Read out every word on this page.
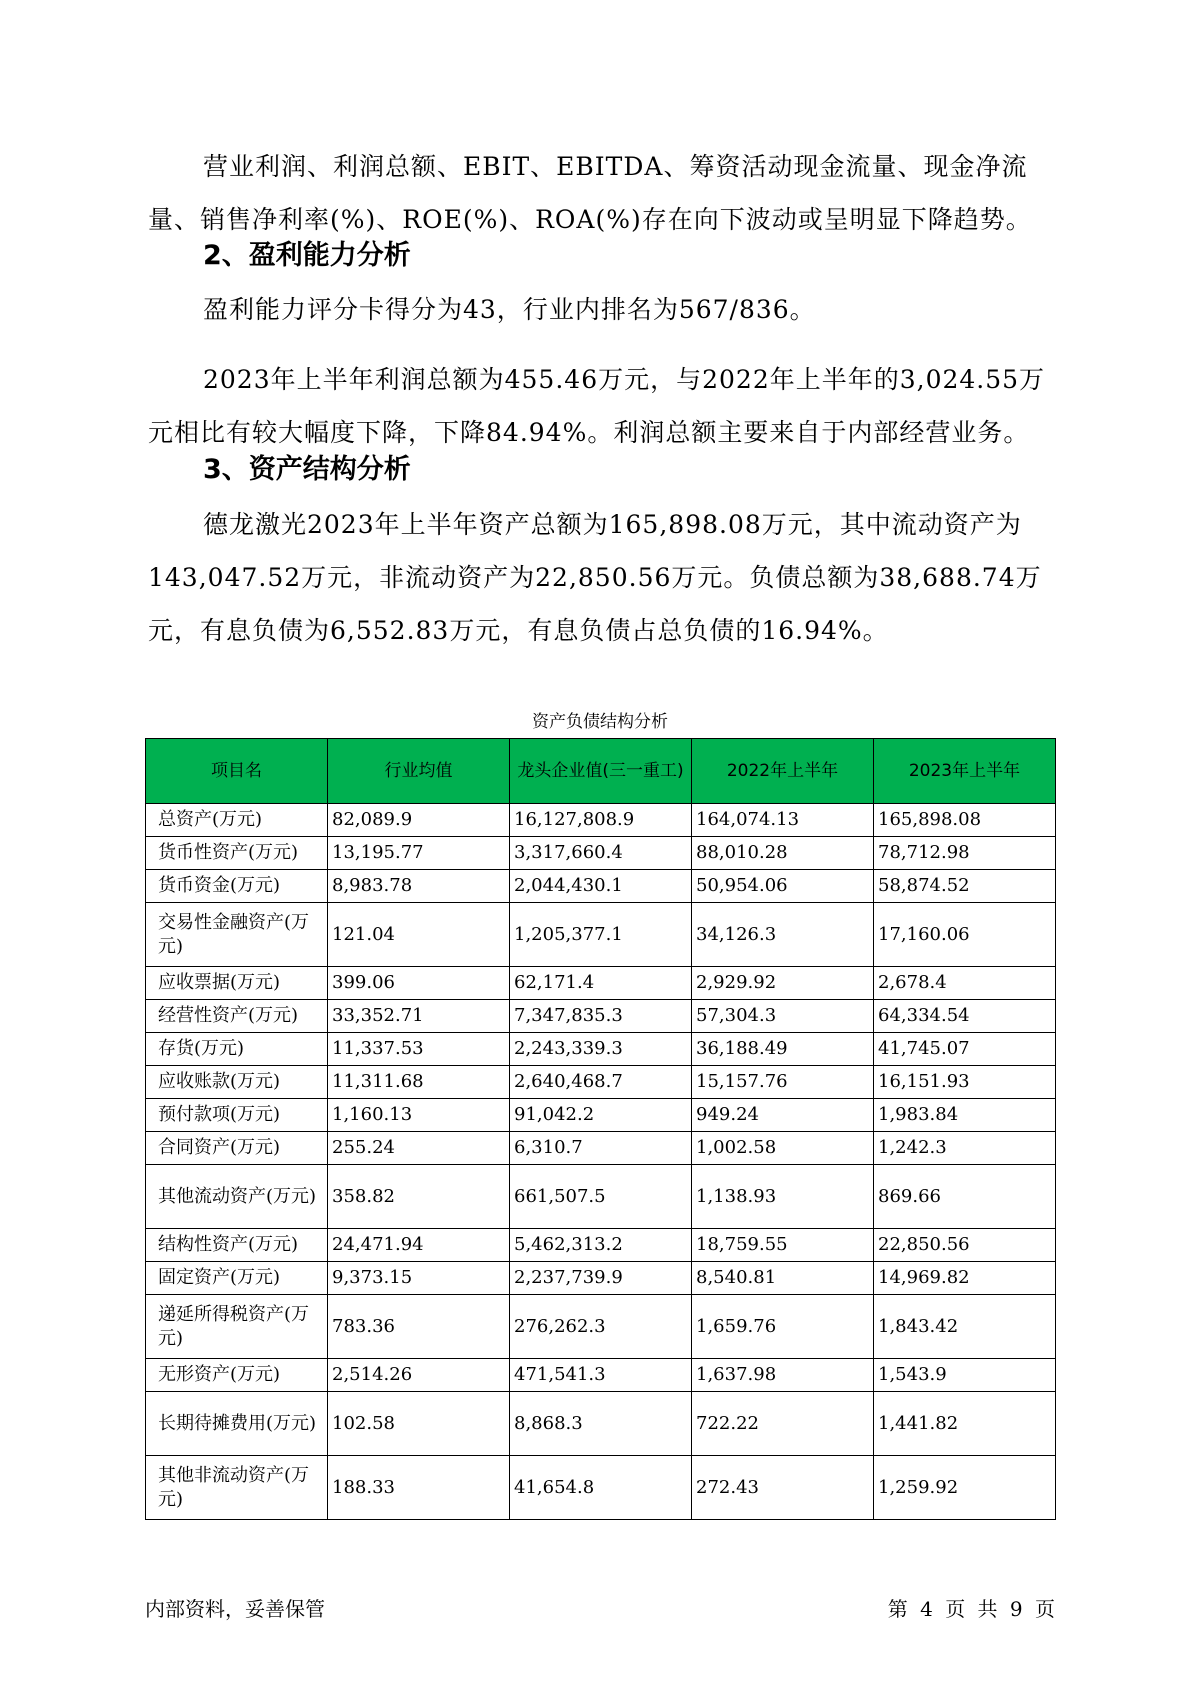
营业利润、利润总额、EBIT、EBITDA、筹资活动现金流量、现金净流量、销售净利率(%)、ROE(%)、ROA(%)存在向下波动或呈明显下降趋势。

2、盈利能力分析

盈利能力评分卡得分为43，行业内排名为567/836。

2023年上半年利润总额为455.46万元，与2022年上半年的3,024.55万元相比有较大幅度下降，下降84.94%。利润总额主要来自于内部经营业务。

3、资产结构分析

德龙激光2023年上半年资产总额为165,898.08万元，其中流动资产为143,047.52万元，非流动资产为22,850.56万元。负债总额为38,688.74万元，有息负债为6,552.83万元，有息负债占总负债的16.94%。

资产负债结构分析
项目名	行业均值	龙头企业值(三一重工)	2022年上半年	2023年上半年
总资产(万元)	82,089.9	16,127,808.9	164,074.13	165,898.08
货币性资产(万元)	13,195.77	3,317,660.4	88,010.28	78,712.98
货币资金(万元)	8,983.78	2,044,430.1	50,954.06	58,874.52
交易性金融资产(万元)	121.04	1,205,377.1	34,126.3	17,160.06
应收票据(万元)	399.06	62,171.4	2,929.92	2,678.4
经营性资产(万元)	33,352.71	7,347,835.3	57,304.3	64,334.54
存货(万元)	11,337.53	2,243,339.3	36,188.49	41,745.07
应收账款(万元)	11,311.68	2,640,468.7	15,157.76	16,151.93
预付款项(万元)	1,160.13	91,042.2	949.24	1,983.84
合同资产(万元)	255.24	6,310.7	1,002.58	1,242.3
其他流动资产(万元)	358.82	661,507.5	1,138.93	869.66
结构性资产(万元)	24,471.94	5,462,313.2	18,759.55	22,850.56
固定资产(万元)	9,373.15	2,237,739.9	8,540.81	14,969.82
递延所得税资产(万元)	783.36	276,262.3	1,659.76	1,843.42
无形资产(万元)	2,514.26	471,541.3	1,637.98	1,543.9
长期待摊费用(万元)	102.58	8,868.3	722.22	1,441.82
其他非流动资产(万元)	188.33	41,654.8	272.43	1,259.92
内部资料，妥善保管	第 4 页 共 9 页
